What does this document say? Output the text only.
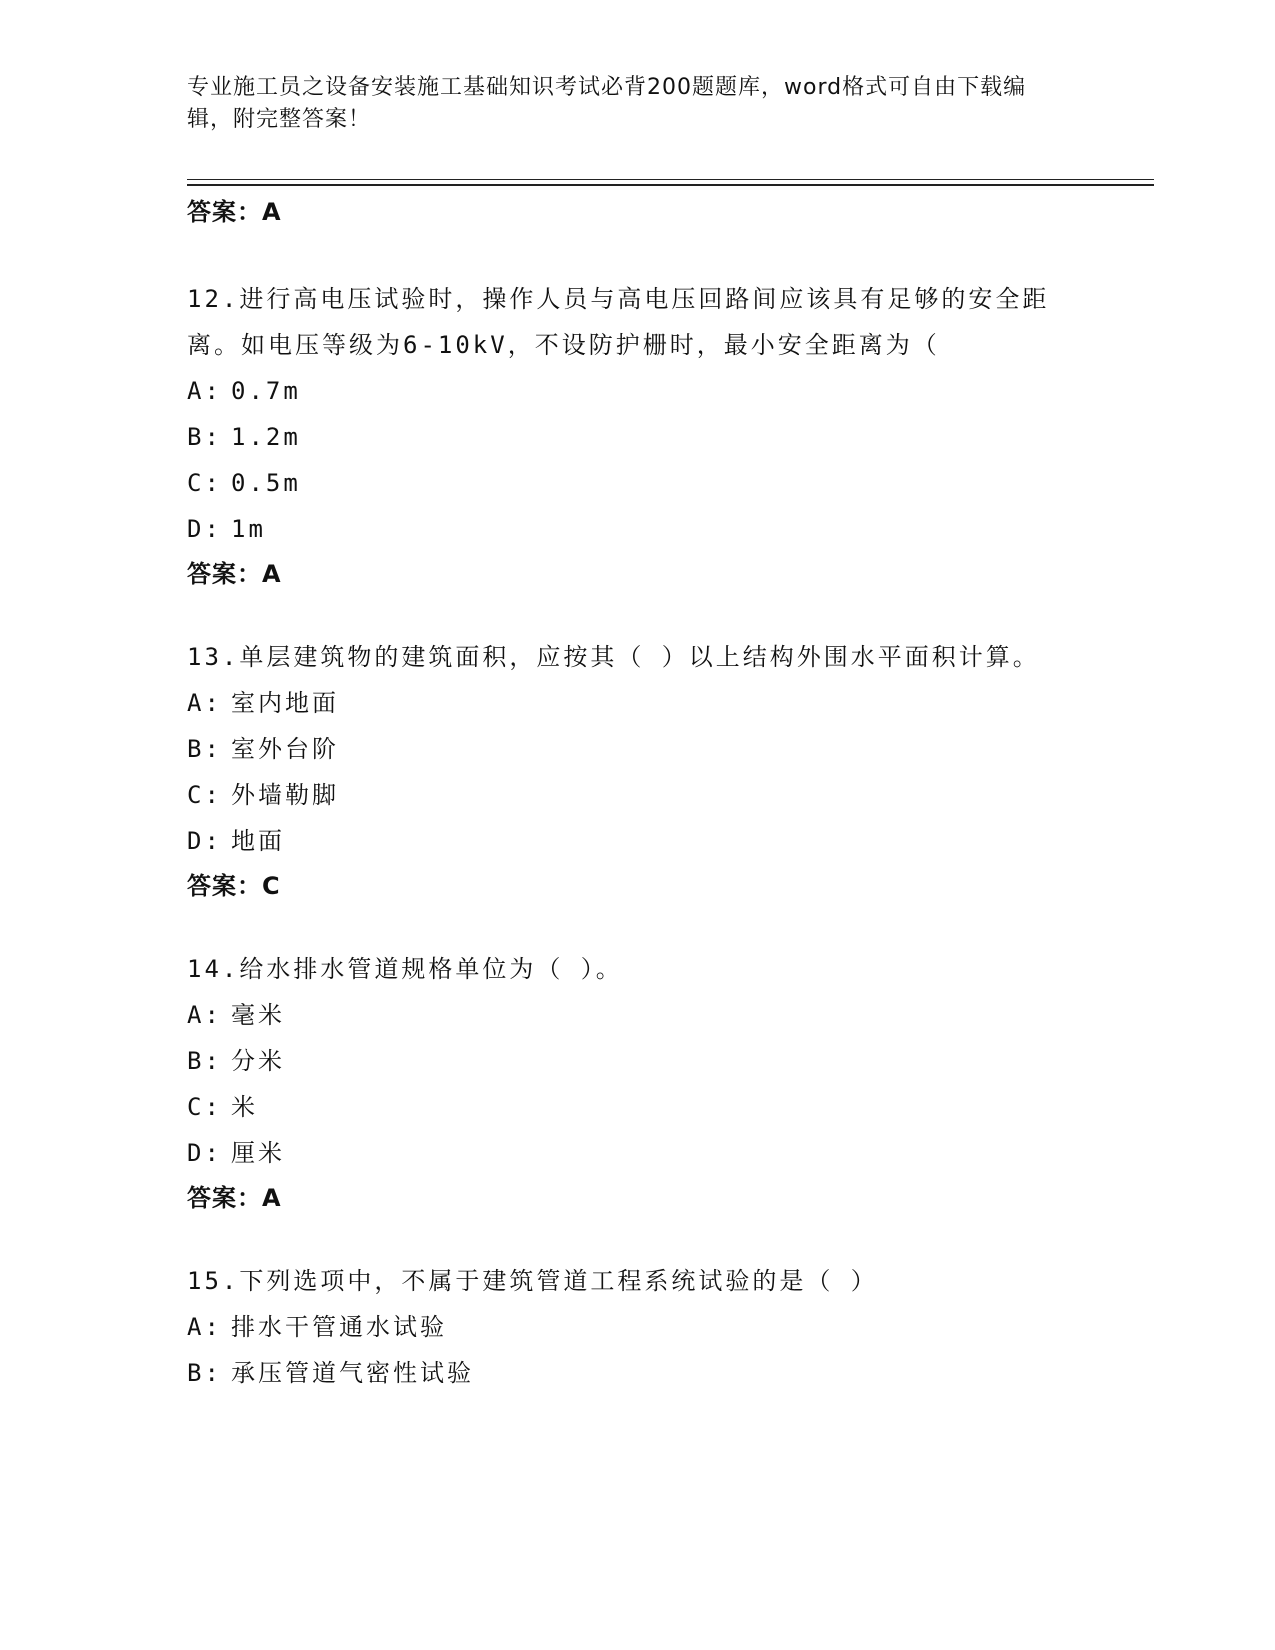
专业施工员之设备安装施工基础知识考试必背200题题库，word格式可自由下载编辑，附完整答案！
答案：A
12.进行高电压试验时，操作人员与高电压回路间应该具有足够的安全距离。如电压等级为6-10kV，不设防护栅时，最小安全距离为（
A: 0.7m
B: 1.2m
C: 0.5m
D: 1m
答案：A
13.单层建筑物的建筑面积，应按其（ ）以上结构外围水平面积计算。
A: 室内地面
B: 室外台阶
C: 外墙勒脚
D: 地面
答案：C
14.给水排水管道规格单位为（ ）。
A: 毫米
B: 分米
C: 米
D: 厘米
答案：A
15.下列选项中，不属于建筑管道工程系统试验的是（ ）
A: 排水干管通水试验
B: 承压管道气密性试验
